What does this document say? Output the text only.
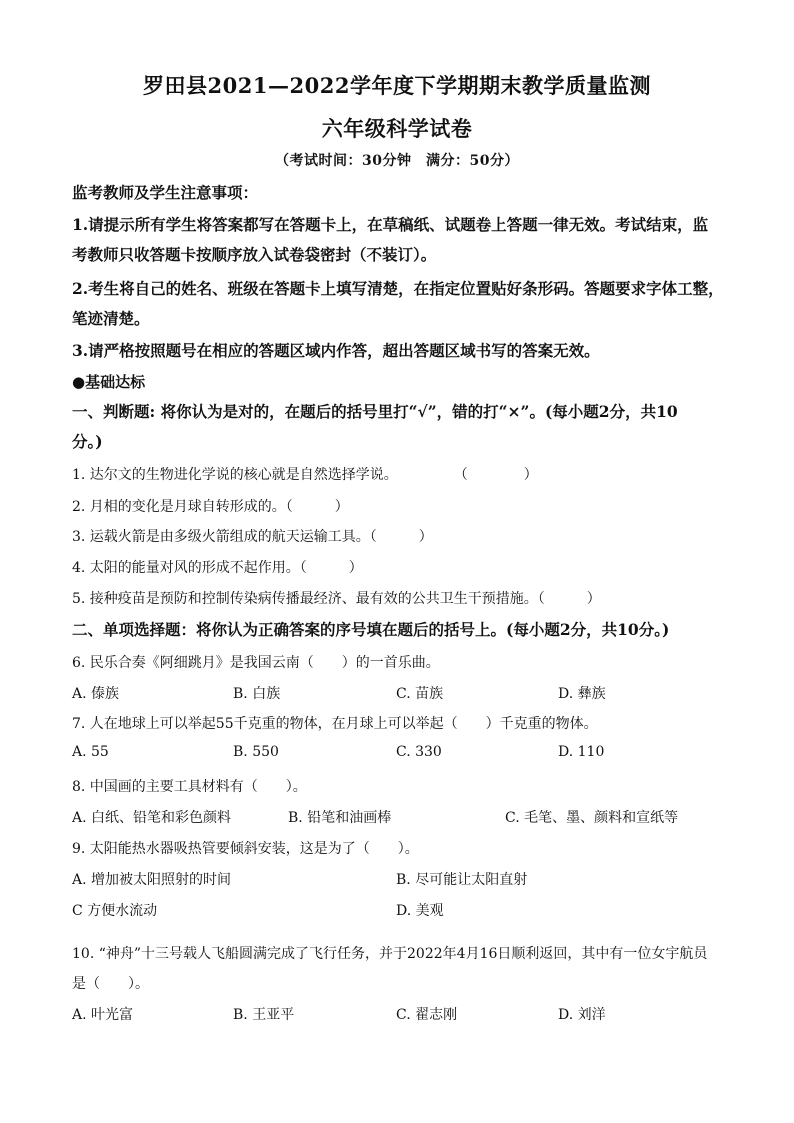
罗田县2021—2022学年度下学期期末教学质量监测
六年级科学试卷
（考试时间：30分钟　满分：50分）
监考教师及学生注意事项：
1.请提示所有学生将答案都写在答题卡上，在草稿纸、试题卷上答题一律无效。考试结束，监
考教师只收答题卡按顺序放入试卷袋密封（不装订）。
2.考生将自己的姓名、班级在答题卡上填写清楚，在指定位置贴好条形码。答题要求字体工整，
笔迹清楚。
3.请严格按照题号在相应的答题区域内作答，超出答题区域书写的答案无效。
●基础达标
一、判断题: 将你认为是对的，在题后的括号里打“√”，错的打“×”。(每小题2分，共10
分。)
1. 达尔文的生物进化学说的核心就是自然选择学说。　　　　　（　　　　）
2. 月相的变化是月球自转形成的。（　　　）
3. 运载火箭是由多级火箭组成的航天运输工具。（　　　）
4. 太阳的能量对风的形成不起作用。（　　　）
5. 接种疫苗是预防和控制传染病传播最经济、最有效的公共卫生干预措施。（　　　）
二、单项选择题：将你认为正确答案的序号填在题后的括号上。(每小题2分，共10分。)
6. 民乐合奏《阿细跳月》是我国云南（　　）的一首乐曲。
A. 傣族	B. 白族	C. 苗族	D. 彝族
7. 人在地球上可以举起55千克重的物体，在月球上可以举起（　　）千克重的物体。
A. 55	B. 550	C. 330	D. 110
8. 中国画的主要工具材料有（　　）。
A. 白纸、铅笔和彩色颜料	B. 铅笔和油画棒	C. 毛笔、墨、颜料和宣纸等
9. 太阳能热水器吸热管要倾斜安装，这是为了（　　）。
A. 增加被太阳照射的时间	B. 尽可能让太阳直射
C 方便水流动	D. 美观
10. “神舟”十三号载人飞船圆满完成了飞行任务，并于2022年4月16日顺利返回，其中有一位女宇航员
是（　　）。
A. 叶光富	B. 王亚平	C. 翟志刚	D. 刘洋
